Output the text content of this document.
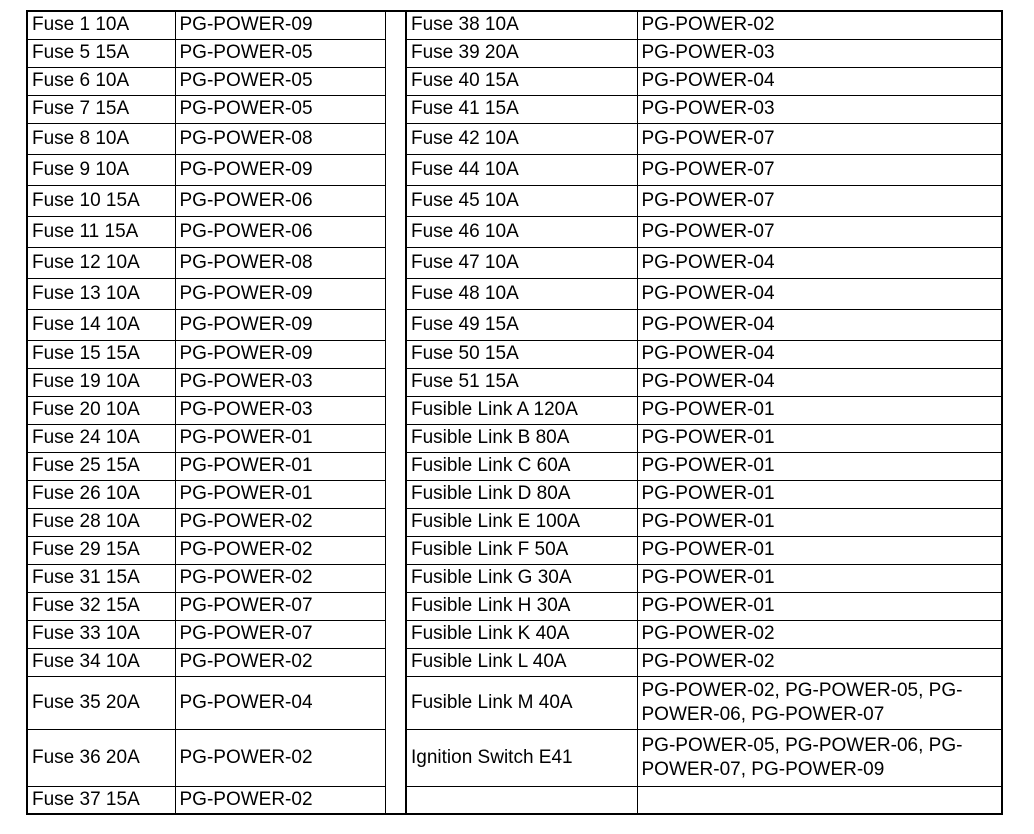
Fuse 1 10A	PG-POWER-09		Fuse 38 10A	PG-POWER-02
Fuse 5 15A	PG-POWER-05		Fuse 39 20A	PG-POWER-03
Fuse 6 10A	PG-POWER-05		Fuse 40 15A	PG-POWER-04
Fuse 7 15A	PG-POWER-05		Fuse 41 15A	PG-POWER-03
Fuse 8 10A	PG-POWER-08		Fuse 42 10A	PG-POWER-07
Fuse 9 10A	PG-POWER-09		Fuse 44 10A	PG-POWER-07
Fuse 10 15A	PG-POWER-06		Fuse 45 10A	PG-POWER-07
Fuse 11 15A	PG-POWER-06		Fuse 46 10A	PG-POWER-07
Fuse 12 10A	PG-POWER-08		Fuse 47 10A	PG-POWER-04
Fuse 13 10A	PG-POWER-09		Fuse 48 10A	PG-POWER-04
Fuse 14 10A	PG-POWER-09		Fuse 49 15A	PG-POWER-04
Fuse 15 15A	PG-POWER-09		Fuse 50 15A	PG-POWER-04
Fuse 19 10A	PG-POWER-03		Fuse 51 15A	PG-POWER-04
Fuse 20 10A	PG-POWER-03		Fusible Link A 120A	PG-POWER-01
Fuse 24 10A	PG-POWER-01		Fusible Link B 80A	PG-POWER-01
Fuse 25 15A	PG-POWER-01		Fusible Link C 60A	PG-POWER-01
Fuse 26 10A	PG-POWER-01		Fusible Link D 80A	PG-POWER-01
Fuse 28 10A	PG-POWER-02		Fusible Link E 100A	PG-POWER-01
Fuse 29 15A	PG-POWER-02		Fusible Link F 50A	PG-POWER-01
Fuse 31 15A	PG-POWER-02		Fusible Link G 30A	PG-POWER-01
Fuse 32 15A	PG-POWER-07		Fusible Link H 30A	PG-POWER-01
Fuse 33 10A	PG-POWER-07		Fusible Link K 40A	PG-POWER-02
Fuse 34 10A	PG-POWER-02		Fusible Link L 40A	PG-POWER-02
Fuse 35 20A	PG-POWER-04		Fusible Link M 40A	PG-POWER-02, PG-POWER-05, PG-POWER-06, PG-POWER-07
Fuse 36 20A	PG-POWER-02		Ignition Switch E41	PG-POWER-05, PG-POWER-06, PG-POWER-07, PG-POWER-09
Fuse 37 15A	PG-POWER-02			
